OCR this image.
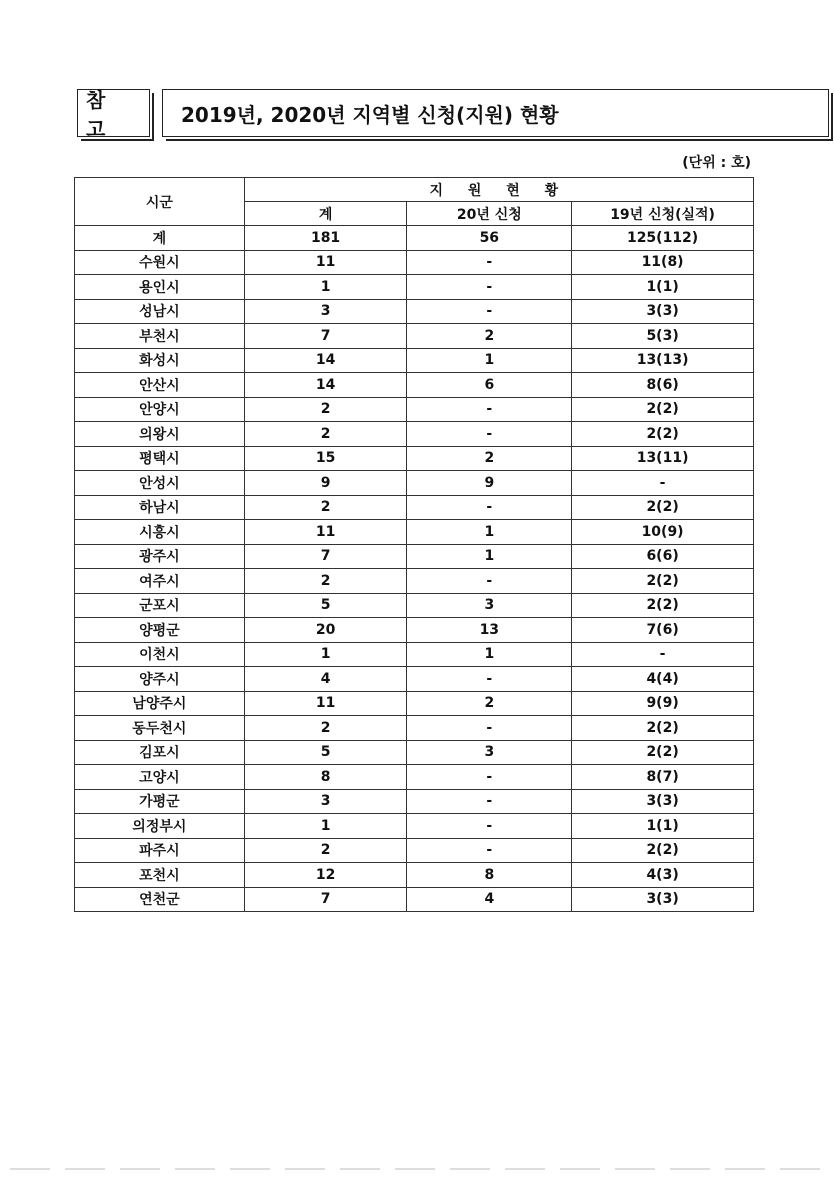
참 고
2019년, 2020년 지역별 신청(지원) 현황
(단위 : 호)
시군	지 원 현 황		
	계	20년 신청	19년 신청(실적)
계	181	56	125(112)
수원시	11	-	11(8)
용인시	1	-	1(1)
성남시	3	-	3(3)
부천시	7	2	5(3)
화성시	14	1	13(13)
안산시	14	6	8(6)
안양시	2	-	2(2)
의왕시	2	-	2(2)
평택시	15	2	13(11)
안성시	9	9	-
하남시	2	-	2(2)
시흥시	11	1	10(9)
광주시	7	1	6(6)
여주시	2	-	2(2)
군포시	5	3	2(2)
양평군	20	13	7(6)
이천시	1	1	-
양주시	4	-	4(4)
남양주시	11	2	9(9)
동두천시	2	-	2(2)
김포시	5	3	2(2)
고양시	8	-	8(7)
가평군	3	-	3(3)
의정부시	1	-	1(1)
파주시	2	-	2(2)
포천시	12	8	4(3)
연천군	7	4	3(3)
